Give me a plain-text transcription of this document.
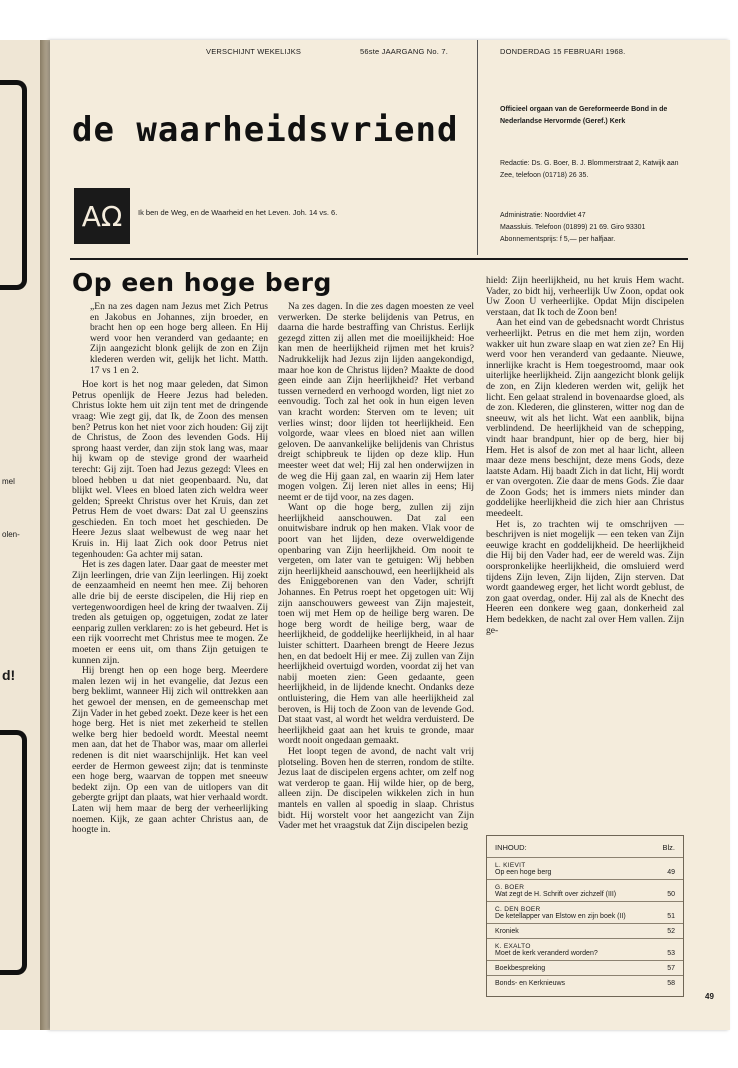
mel
olen-
d!
VERSCHIJNT WEKELIJKS	56ste JAARGANG No. 7.	DONDERDAG 15 FEBRUARI 1968.
de waarheidsvriend
ΑΩ	Ik ben de Weg, en de Waarheid en het Leven. Joh. 14 vs. 6.
Officieel orgaan van de Gereformeerde Bond in de Nederlandse Hervormde (Geref.) Kerk
Redactie: Ds. G. Boer, B. J. Blommerstraat 2, Katwijk aan Zee, telefoon (01718) 26 35.
Administratie: Noordvliet 47
Maassluis. Telefoon (01899) 21 69. Giro 93301
Abonnementsprijs: f 5,— per halfjaar.
Op een hoge berg

„En na zes dagen nam Jezus met Zich Petrus en Jakobus en Johannes, zijn broeder, en bracht hen op een hoge berg alleen. En Hij werd voor hen veranderd van gedaante; en Zijn aangezicht blonk gelijk de zon en Zijn klederen werden wit, gelijk het licht. Matth. 17 vs 1 en 2.

Hoe kort is het nog maar geleden, dat Simon Petrus openlijk de Heere Jezus had beleden. Christus lokte hem uit zijn tent met de dringende vraag: Wie zegt gij, dat Ik, de Zoon des mensen ben? Petrus kon het niet voor zich houden: Gij zijt de Christus, de Zoon des levenden Gods. Hij sprong haast verder, dan zijn stok lang was, maar hij kwam op de stevige grond der waarheid terecht: Gij zijt. Toen had Jezus gezegd: Vlees en bloed hebben u dat niet geopenbaard. Nu, dat blijkt wel. Vlees en bloed laten zich weldra weer gelden; Spreekt Christus over het Kruis, dan zet Petrus Hem de voet dwars: Dat zal U geenszins geschieden. En toch moet het geschieden. De Heere Jezus slaat welbewust de weg naar het Kruis in. Hij laat Zich ook door Petrus niet tegenhouden: Ga achter mij satan.

Het is zes dagen later. Daar gaat de meester met Zijn leerlingen, drie van Zijn leerlingen. Hij zoekt de eenzaamheid en neemt hen mee. Zij behoren alle drie bij de eerste discipelen, die Hij riep en vertegenwoordigen heel de kring der twaalven. Zij treden als getuigen op, oggetuigen, zodat ze later eenparig zullen verklaren: zo is het gebeurd. Het is een rijk voorrecht met Christus mee te mogen. Ze moeten er eens uit, om thans Zijn getuigen te kunnen zijn.

Hij brengt hen op een hoge berg. Meerdere malen lezen wij in het evangelie, dat Jezus een berg beklimt, wanneer Hij zich wil onttrekken aan het gewoel der mensen, en de gemeenschap met Zijn Vader in het gebed zoekt. Deze keer is het een hoge berg. Het is niet met zekerheid te stellen welke berg hier bedoeld wordt. Meestal neemt men aan, dat het de Thabor was, maar om allerlei redenen is dit niet waarschijnlijk. Het kan veel eerder de Hermon geweest zijn; dat is tenminste een hoge berg, waarvan de toppen met sneeuw bedekt zijn. Op een van de uitlopers van dit gebergte grijpt dan plaats, wat hier verhaald wordt. Laten wij hem maar de berg der verheerlijking noemen. Kijk, ze gaan achter Christus aan, de hoogte in.

Na zes dagen. In die zes dagen moesten ze veel verwerken. De sterke belijdenis van Petrus, en daarna die harde bestraffing van Christus. Eerlijk gezegd zitten zij allen met die moeilijkheid: Hoe kan men de heerlijkheid rijmen met het kruis? Nadrukkelijk had Jezus zijn lijden aangekondigd, maar hoe kon de Christus lijden? Maakte de dood geen einde aan Zijn heerlijkheid? Het verband tussen vernederd en verhoogd worden, ligt niet zo eenvoudig. Toch zal het ook in hun eigen leven van kracht worden: Sterven om te leven; uit verlies winst; door lijden tot heerlijkheid. Een volgorde, waar vlees en bloed niet aan willen geloven. De aanvankelijke belijdenis van Christus dreigt schipbreuk te lijden op deze klip. Hun meester weet dat wel; Hij zal hen onderwijzen in de weg die Hij gaan zal, en waarin zij Hem later mogen volgen. Zij leren niet alles in eens; Hij neemt er de tijd voor, na zes dagen.

Want op die hoge berg, zullen zij zijn heerlijkheid aanschouwen. Dat zal een onuitwisbare indruk op hen maken. Vlak voor de poort van het lijden, deze overweldigende openbaring van Zijn heerlijkheid. Om nooit te vergeten, om later van te getuigen: Wij hebben zijn heerlijkheid aanschouwd, een heerlijkheid als des Eniggeborenen van den Vader, schrijft Johannes. En Petrus roept het opgetogen uit: Wij zijn aanschouwers geweest van Zijn majesteit, toen wij met Hem op de heilige berg waren. De hoge berg wordt de heilige berg, waar de heerlijkheid, de goddelijke heerlijkheid, in al haar luister schittert. Daarheen brengt de Heere Jezus hen, en dat bedoelt Hij er mee. Zij zullen van Zijn heerlijkheid overtuigd worden, voordat zij het van nabij moeten zien: Geen gedaante, geen heerlijkheid, in de lijdende knecht. Ondanks deze ontluistering, die Hem van alle heerlijkheid zal beroven, is Hij toch de Zoon van de levende God. Dat staat vast, al wordt het weldra verduisterd. De heerlijkheid gaat aan het kruis te gronde, maar wordt nooit ongedaan gemaakt.

Het loopt tegen de avond, de nacht valt vrij plotseling. Boven hen de sterren, rondom de stilte. Jezus laat de discipelen ergens achter, om zelf nog wat verderop te gaan. Hij wilde hier, op de berg, alleen zijn. De discipelen wikkelen zich in hun mantels en vallen al spoedig in slaap. Christus bidt. Hij worstelt voor het aangezicht van Zijn Vader met het vraagstuk dat Zijn discipelen bezig

hield: Zijn heerlijkheid, nu het kruis Hem wacht. Vader, zo bidt hij, verheerlijk Uw Zoon, opdat ook Uw Zoon U verheerlijke. Opdat Mijn discipelen verstaan, dat Ik toch de Zoon ben!

Aan het eind van de gebedsnacht wordt Christus verheerlijkt. Petrus en die met hem zijn, worden wakker uit hun zware slaap en wat zien ze? En Hij werd voor hen veranderd van gedaante. Nieuwe, innerlijke kracht is Hem toegestroomd, maar ook uiterlijke heerlijkheid. Zijn aangezicht blonk gelijk de zon, en Zijn klederen werden wit, gelijk het licht. Een gelaat stralend in bovenaardse gloed, als de zon. Klederen, die glinsteren, witter nog dan de sneeuw, wit als het licht. Wat een aanblik, bijna verblindend. De heerlijkheid van de schepping, vindt haar brandpunt, hier op de berg, hier bij Hem. Het is alsof de zon met al haar licht, alleen maar deze mens beschijnt, deze mens Gods, deze laatste Adam. Hij baadt Zich in dat licht, Hij wordt er van overgoten. Zie daar de mens Gods. Zie daar de Zoon Gods; het is immers niets minder dan goddelijke heerlijkheid die zich hier aan Christus meedeelt.

Het is, zo trachten wij te omschrijven — beschrijven is niet mogelijk — een teken van Zijn eeuwige kracht en goddelijkheid. De heerlijkheid die Hij bij den Vader had, eer de wereld was. Zijn oorspronkelijke heerlijkheid, die omsluierd werd tijdens Zijn leven, Zijn lijden, Zijn sterven. Dat wordt gaandeweg erger, het licht wordt geblust, de zon gaat overdag, onder. Hij zal als de Knecht des Heeren een donkere weg gaan, donkerheid zal Hem bedekken, de nacht zal over Hem vallen. Zijn ge-

INHOUD:	Blz.
L. KIEVIT
Op een hoge berg	49
G. BOER
Wat zegt de H. Schrift over zichzelf (III)	50
C. DEN BOER
De ketellapper van Elstow en zijn boek (II)	51
Kroniek	52
K. EXALTO
Moet de kerk veranderd worden?	53
Boekbespreking	57
Bonds- en Kerknieuws	58
49
